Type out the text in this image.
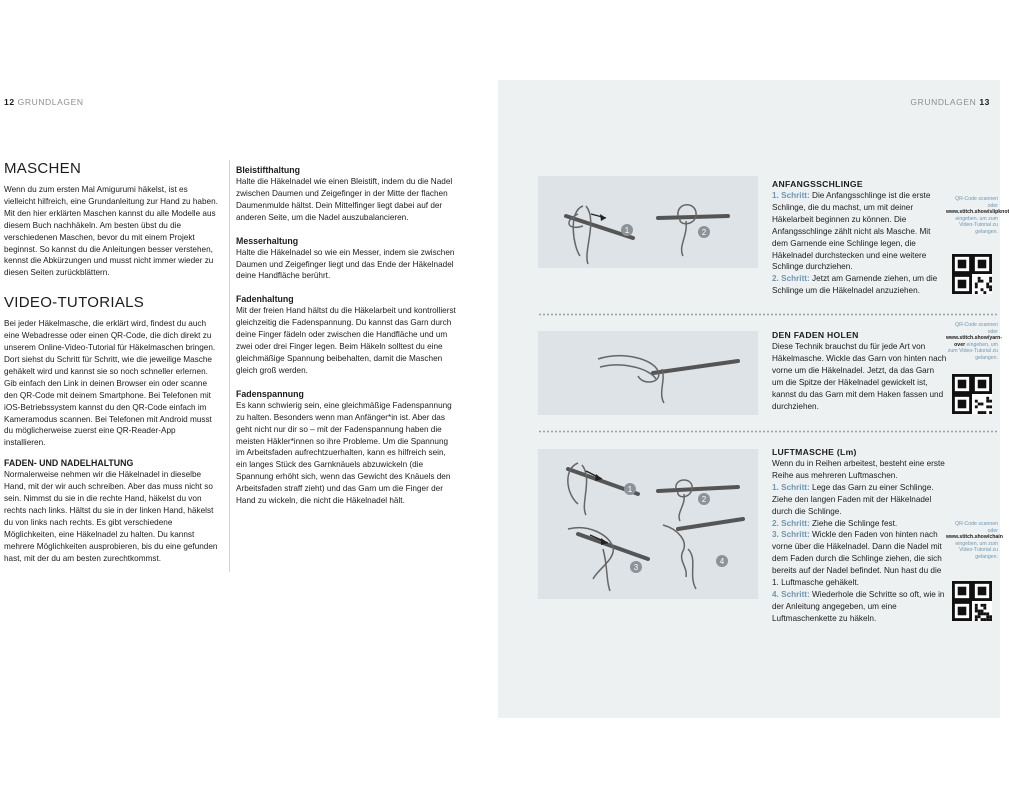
12 GRUNDLAGEN	GRUNDLAGEN 13
MASCHEN

Wenn du zum ersten Mal Amigurumi häkelst, ist es vielleicht hilfreich, eine Grundanleitung zur Hand zu haben. Mit den hier erklärten Maschen kannst du alle Modelle aus diesem Buch nachhäkeln. Am besten übst du die verschiedenen Maschen, bevor du mit einem Projekt beginnst. So kannst du die Anleitungen besser verstehen, kennst die Abkürzungen und musst nicht immer wieder zu diesen Seiten zurückblättern.

VIDEO-TUTORIALS

Bei jeder Häkelmasche, die erklärt wird, findest du auch eine Webadresse oder einen QR-Code, die dich direkt zu unserem Online-Video-Tutorial für Häkelmaschen bringen. Dort siehst du Schritt für Schritt, wie die jeweilige Masche gehäkelt wird und kannst sie so noch schneller erlernen. Gib einfach den Link in deinen Browser ein oder scanne den QR-Code mit deinem Smartphone. Bei Telefonen mit iOS-Betriebssystem kannst du den QR-Code einfach im Kameramodus scannen. Bei Telefonen mit Android musst du möglicherweise zuerst eine QR-Reader-App installieren.

FADEN- UND NADELHALTUNG

Normalerweise nehmen wir die Häkelnadel in dieselbe Hand, mit der wir auch schreiben. Aber das muss nicht so sein. Nimmst du sie in die rechte Hand, häkelst du von rechts nach links. Hältst du sie in der linken Hand, häkelst du von links nach rechts. Es gibt verschiedene Möglichkeiten, eine Häkelnadel zu halten. Du kannst mehrere Möglichkeiten ausprobieren, bis du eine gefunden hast, mit der du am besten zurechtkommst.

Bleistifthaltung

Halte die Häkelnadel wie einen Bleistift, indem du die Nadel zwischen Daumen und Zeigefinger in der Mitte der flachen Daumenmulde hältst. Dein Mittelfinger liegt dabei auf der anderen Seite, um die Nadel auszubalancieren.

Messerhaltung

Halte die Häkelnadel so wie ein Messer, indem sie zwischen Daumen und Zeigefinger liegt und das Ende der Häkelnadel deine Handfläche berührt.

Fadenhaltung

Mit der freien Hand hältst du die Häkelarbeit und kontrollierst gleichzeitig die Fadenspannung. Du kannst das Garn durch deine Finger fädeln oder zwischen die Handfläche und um zwei oder drei Finger legen. Beim Häkeln solltest du eine gleichmäßige Spannung beibehalten, damit die Maschen gleich groß werden.

Fadenspannung

Es kann schwierig sein, eine gleichmäßige Fadenspannung zu halten. Besonders wenn man Anfänger*in ist. Aber das geht nicht nur dir so – mit der Fadenspannung haben die meisten Häkler*innen so ihre Probleme. Um die Spannung im Arbeitsfaden aufrechtzuerhalten, kann es hilfreich sein, ein langes Stück des Garnknäuels abzuwickeln (die Spannung erhöht sich, wenn das Gewicht des Knäuels den Arbeitsfaden straff zieht) und das Garn um die Finger der Hand zu wickeln, die nicht die Häkelnadel hält.

1	2
ANFANGSSCHLINGE
1. Schritt: Die Anfangsschlinge ist die erste Schlinge, die du machst, um mit deiner Häkelarbeit beginnen zu können. Die Anfangsschlinge zählt nicht als Masche. Mit dem Garnende eine Schlinge legen, die Häkelnadel durchstecken und eine weitere Schlinge durchziehen.
2. Schritt: Jetzt am Garnende ziehen, um die Schlinge um die Häkelnadel anzuziehen.
QR-Code scannen oder www.stitch.show/slipknot eingeben, um zum Video-Tutorial zu gelangen.
DEN FADEN HOLEN
Diese Technik brauchst du für jede Art von Häkelmasche. Wickle das Garn von hinten nach vorne um die Häkelnadel. Jetzt, da das Garn um die Spitze der Häkelnadel gewickelt ist, kannst du das Garn mit dem Haken fassen und durchziehen.
QR-Code scannen oder www.stitch.show/yarn-over eingeben, um zum Video-Tutorial zu gelangen.
1
2
3
4
LUFTMASCHE (Lm)
Wenn du in Reihen arbeitest, besteht eine erste Reihe aus mehreren Luftmaschen.
1. Schritt: Lege das Garn zu einer Schlinge. Ziehe den langen Faden mit der Häkelnadel durch die Schlinge.
2. Schritt: Ziehe die Schlinge fest.
3. Schritt: Wickle den Faden von hinten nach vorne über die Häkelnadel. Dann die Nadel mit dem Faden durch die Schlinge ziehen, die sich bereits auf der Nadel befindet. Nun hast du die 1. Luftmasche gehäkelt.
4. Schritt: Wiederhole die Schritte so oft, wie in der Anleitung angegeben, um eine Luftmaschenkette zu häkeln.
QR-Code scannen oder www.stitch.show/chain eingeben, um zum Video-Tutorial zu gelangen.
